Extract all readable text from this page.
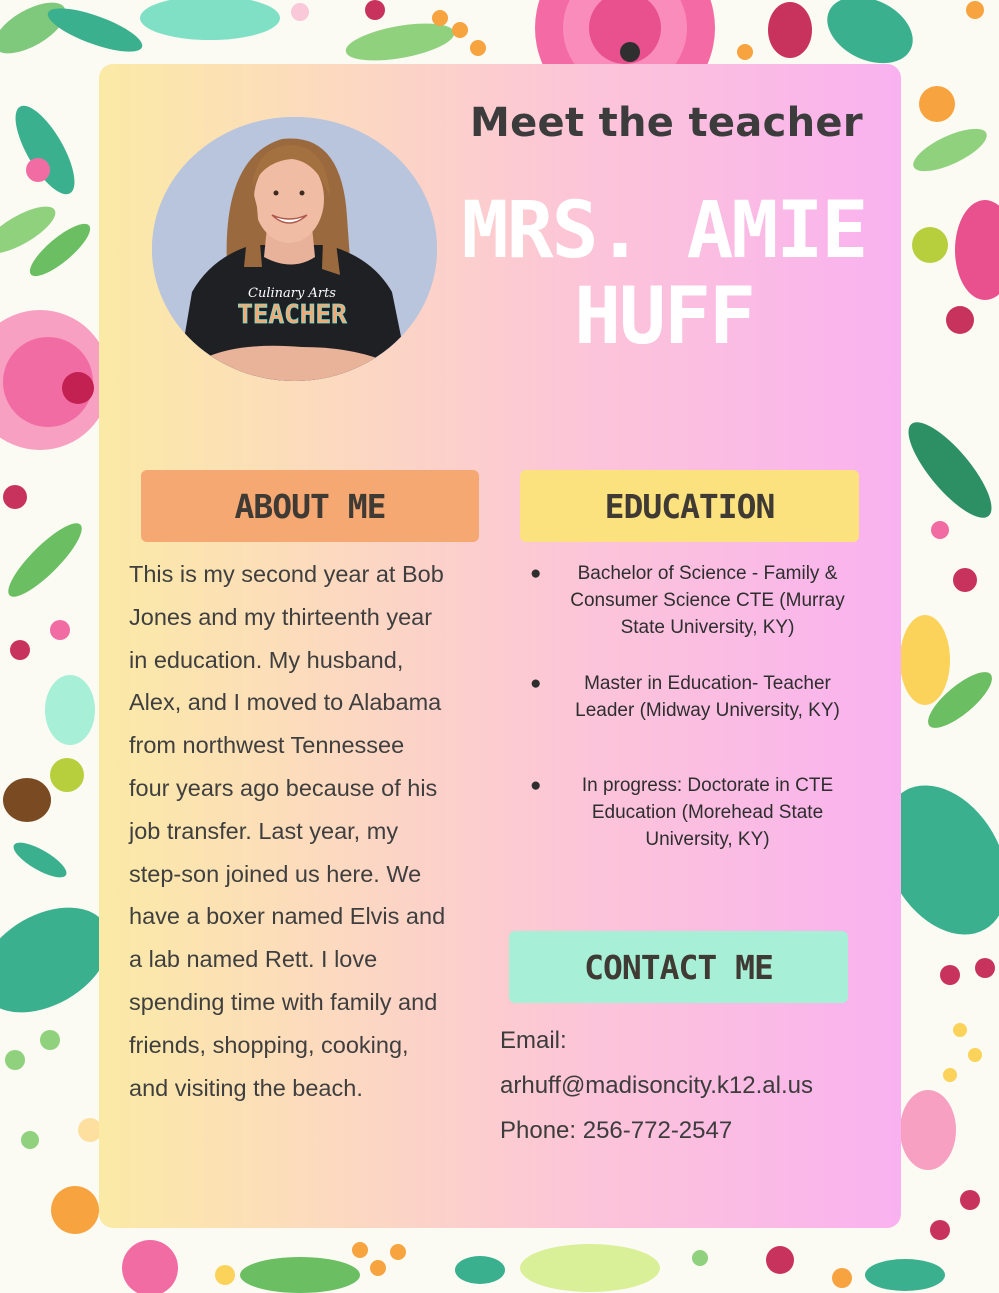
Meet the teacher
MRS. AMIE
HUFF
Culinary Arts
TEACHER
ABOUT ME
This is my second year at Bob
Jones and my thirteenth year
in education. My husband,
Alex, and I moved to Alabama
from northwest Tennessee
four years ago because of his
job transfer. Last year, my
step-son joined us here. We
have a boxer named Elvis and
a lab named Rett. I love
spending time with family and
friends, shopping, cooking,
and visiting the beach.
EDUCATION
●	Bachelor of Science - Family &
Consumer Science CTE (Murray
State University, KY)
●	Master in Education- Teacher
Leader (Midway University, KY)
●	In progress: Doctorate in CTE
Education (Morehead State
University, KY)
CONTACT ME
Email:
arhuff@madisoncity.k12.al.us
Phone: 256-772-2547
